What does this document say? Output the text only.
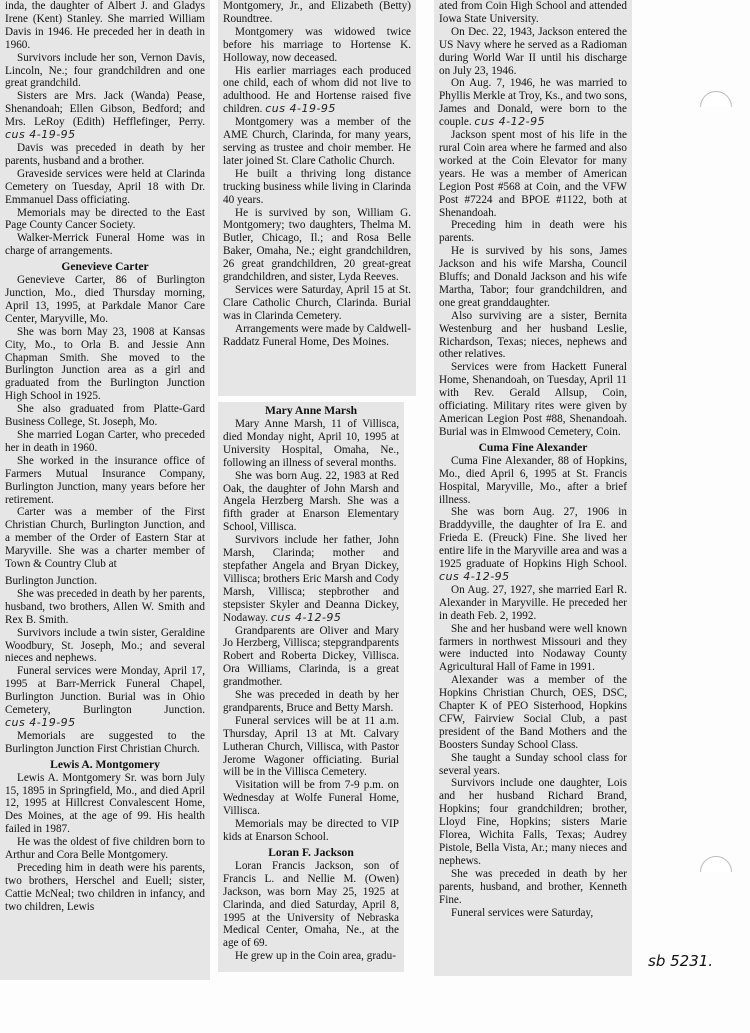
inda, the daughter of Albert J. and Gladys Irene (Kent) Stanley. She married William Davis in 1946. He preceded her in death in 1960.

Survivors include her son, Vernon Davis, Lincoln, Ne.; four grandchildren and one great grandchild.

Sisters are Mrs. Jack (Wanda) Pease, Shenandoah; Ellen Gibson, Bedford; and Mrs. LeRoy (Edith) Hefflefinger, Perry. cus 4-19-95

Davis was preceded in death by her parents, husband and a brother.

Graveside services were held at Clarinda Cemetery on Tuesday, April 18 with Dr. Emmanuel Dass officiating.

Memorials may be directed to the East Page County Cancer Society.

Walker-Merrick Funeral Home was in charge of arrangements.

Genevieve Carter

Genevieve Carter, 86 of Burlington Junction, Mo., died Thursday morning, April 13, 1995, at Parkdale Manor Care Center, Maryville, Mo.

She was born May 23, 1908 at Kansas City, Mo., to Orla B. and Jessie Ann Chapman Smith. She moved to the Burlington Junction area as a girl and graduated from the Burlington Junction High School in 1925.

She also graduated from Platte-Gard Business College, St. Joseph, Mo.

She married Logan Carter, who preceded her in death in 1960.

She worked in the insurance office of Farmers Mutual Insurance Company, Burlington Junction, many years before her retirement.

Carter was a member of the First Christian Church, Burlington Junction, and a member of the Order of Eastern Star at Maryville. She was a charter member of Town & Country Club at

Burlington Junction.

She was preceded in death by her parents, husband, two brothers, Allen W. Smith and Rex B. Smith.

Survivors include a twin sister, Geraldine Woodbury, St. Joseph, Mo.; and several nieces and nephews.

Funeral services were Monday, April 17, 1995 at Barr-Merrick Funeral Chapel, Burlington Junction. Burial was in Ohio Cemetery, Burlington Junction. cus 4-19-95

Memorials are suggested to the Burlington Junction First Christian Church.

Lewis A. Montgomery

Lewis A. Montgomery Sr. was born July 15, 1895 in Springfield, Mo., and died April 12, 1995 at Hillcrest Convalescent Home, Des Moines, at the age of 99. His health failed in 1987.

He was the oldest of five children born to Arthur and Cora Belle Montgomery.

Preceding him in death were his parents, two brothers, Herschel and Euell; sister, Cattie McNeal; two children in infancy, and two children, Lewis

Montgomery, Jr., and Elizabeth (Betty) Roundtree.

Montgomery was widowed twice before his marriage to Hortense K. Holloway, now deceased.

His earlier marriages each produced one child, each of whom did not live to adulthood. He and Hortense raised five children. cus 4-19-95

Montgomery was a member of the AME Church, Clarinda, for many years, serving as trustee and choir member. He later joined St. Clare Catholic Church.

He built a thriving long distance trucking business while living in Clarinda 40 years.

He is survived by son, William G. Montgomery; two daughters, Thelma M. Butler, Chicago, Il.; and Rosa Belle Baker, Omaha, Ne.; eight grandchildren, 26 great grandchildren, 20 great-great grandchildren, and sister, Lyda Reeves.

Services were Saturday, April 15 at St. Clare Catholic Church, Clarinda. Burial was in Clarinda Cemetery.

Arrangements were made by Caldwell-Raddatz Funeral Home, Des Moines.

Mary Anne Marsh

Mary Anne Marsh, 11 of Villisca, died Monday night, April 10, 1995 at University Hospital, Omaha, Ne., following an illness of several months.

She was born Aug. 22, 1983 at Red Oak, the daughter of John Marsh and Angela Herzberg Marsh. She was a fifth grader at Enarson Elementary School, Villisca.

Survivors include her father, John Marsh, Clarinda; mother and stepfather Angela and Bryan Dickey, Villisca; brothers Eric Marsh and Cody Marsh, Villisca; stepbrother and stepsister Skyler and Deanna Dickey, Nodaway. cus 4-12-95

Grandparents are Oliver and Mary Jo Herzberg, Villisca; stepgrandparents Robert and Roberta Dickey, Villisca. Ora Williams, Clarinda, is a great grandmother.

She was preceded in death by her grandparents, Bruce and Betty Marsh.

Funeral services will be at 11 a.m. Thursday, April 13 at Mt. Calvary Lutheran Church, Villisca, with Pastor Jerome Wagoner officiating. Burial will be in the Villisca Cemetery.

Visitation will be from 7-9 p.m. on Wednesday at Wolfe Funeral Home, Villisca.

Memorials may be directed to VIP kids at Enarson School.

Loran F. Jackson

Loran Francis Jackson, son of Francis L. and Nellie M. (Owen) Jackson, was born May 25, 1925 at Clarinda, and died Saturday, April 8, 1995 at the University of Nebraska Medical Center, Omaha, Ne., at the age of 69.

He grew up in the Coin area, gradu-

ated from Coin High School and attended Iowa State University.

On Dec. 22, 1943, Jackson entered the US Navy where he served as a Radioman during World War II until his discharge on July 23, 1946.

On Aug. 7, 1946, he was married to Phyllis Merkle at Troy, Ks., and two sons, James and Donald, were born to the couple. cus 4-12-95

Jackson spent most of his life in the rural Coin area where he farmed and also worked at the Coin Elevator for many years. He was a member of American Legion Post #568 at Coin, and the VFW Post #7224 and BPOE #1122, both at Shenandoah.

Preceding him in death were his parents.

He is survived by his sons, James Jackson and his wife Marsha, Council Bluffs; and Donald Jackson and his wife Martha, Tabor; four grandchildren, and one great granddaughter.

Also surviving are a sister, Bernita Westenburg and her husband Leslie, Richardson, Texas; nieces, nephews and other relatives.

Services were from Hackett Funeral Home, Shenandoah, on Tuesday, April 11 with Rev. Gerald Allsup, Coin, officiating. Military rites were given by American Legion Post #88, Shenandoah. Burial was in Elmwood Cemetery, Coin.

Cuma Fine Alexander

Cuma Fine Alexander, 88 of Hopkins, Mo., died April 6, 1995 at St. Francis Hospital, Maryville, Mo., after a brief illness.

She was born Aug. 27, 1906 in Braddyville, the daughter of Ira E. and Frieda E. (Freuck) Fine. She lived her entire life in the Maryville area and was a 1925 graduate of Hopkins High School. cus 4-12-95

On Aug. 27, 1927, she married Earl R. Alexander in Maryville. He preceded her in death Feb. 2, 1992.

She and her husband were well known farmers in northwest Missouri and they were inducted into Nodaway County Agricultural Hall of Fame in 1991.

Alexander was a member of the Hopkins Christian Church, OES, DSC, Chapter K of PEO Sisterhood, Hopkins CFW, Fairview Social Club, a past president of the Band Mothers and the Boosters Sunday School Class.

She taught a Sunday school class for several years.

Survivors include one daughter, Lois and her husband Richard Brand, Hopkins; four grandchildren; brother, Lloyd Fine, Hopkins; sisters Marie Florea, Wichita Falls, Texas; Audrey Pistole, Bella Vista, Ar.; many nieces and nephews.

She was preceded in death by her parents, husband, and brother, Kenneth Fine.

Funeral services were Saturday,

sb 5231.
